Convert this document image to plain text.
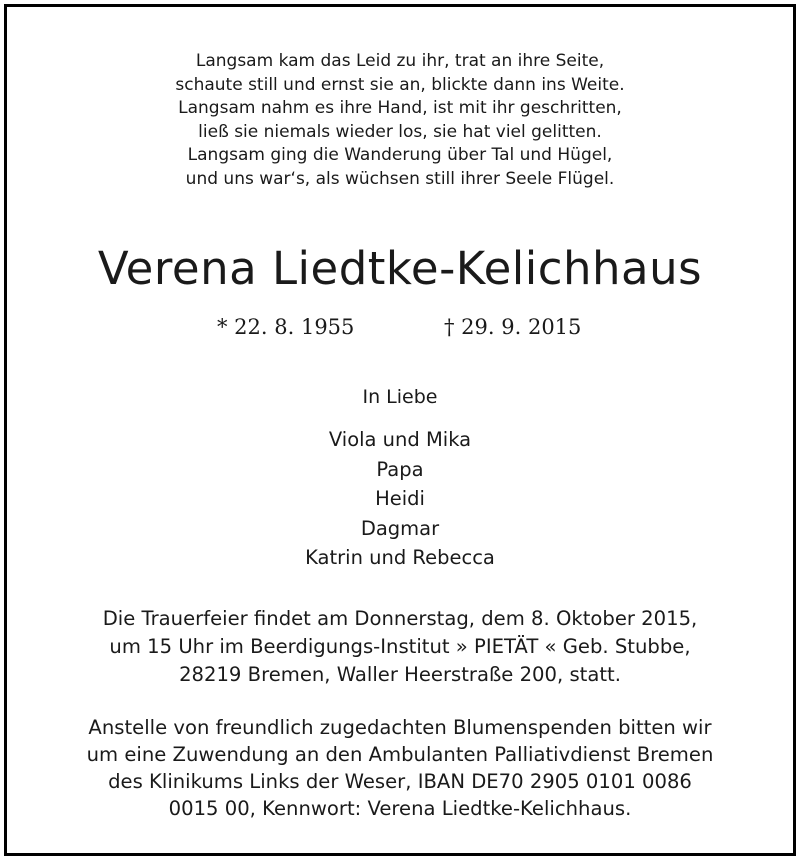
Langsam kam das Leid zu ihr, trat an ihre Seite,
schaute still und ernst sie an, blickte dann ins Weite.
Langsam nahm es ihre Hand, ist mit ihr geschritten,
ließ sie niemals wieder los, sie hat viel gelitten.
Langsam ging die Wanderung über Tal und Hügel,
und uns war‘s, als wüchsen still ihrer Seele Flügel.
Verena Liedtke-Kelichhaus
* 22. 8. 1955	† 29. 9. 2015
In Liebe
Viola und Mika
Papa
Heidi
Dagmar
Katrin und Rebecca
Die Trauerfeier findet am Donnerstag, dem 8. Oktober 2015,
um 15 Uhr im Beerdigungs-Institut » PIETÄT « Geb. Stubbe,
28219 Bremen, Waller Heerstraße 200, statt.
Anstelle von freundlich zugedachten Blumenspenden bitten wir
um eine Zuwendung an den Ambulanten Palliativdienst Bremen
des Klinikums Links der Weser, IBAN DE70 2905 0101 0086
0015 00, Kennwort: Verena Liedtke-Kelichhaus.
